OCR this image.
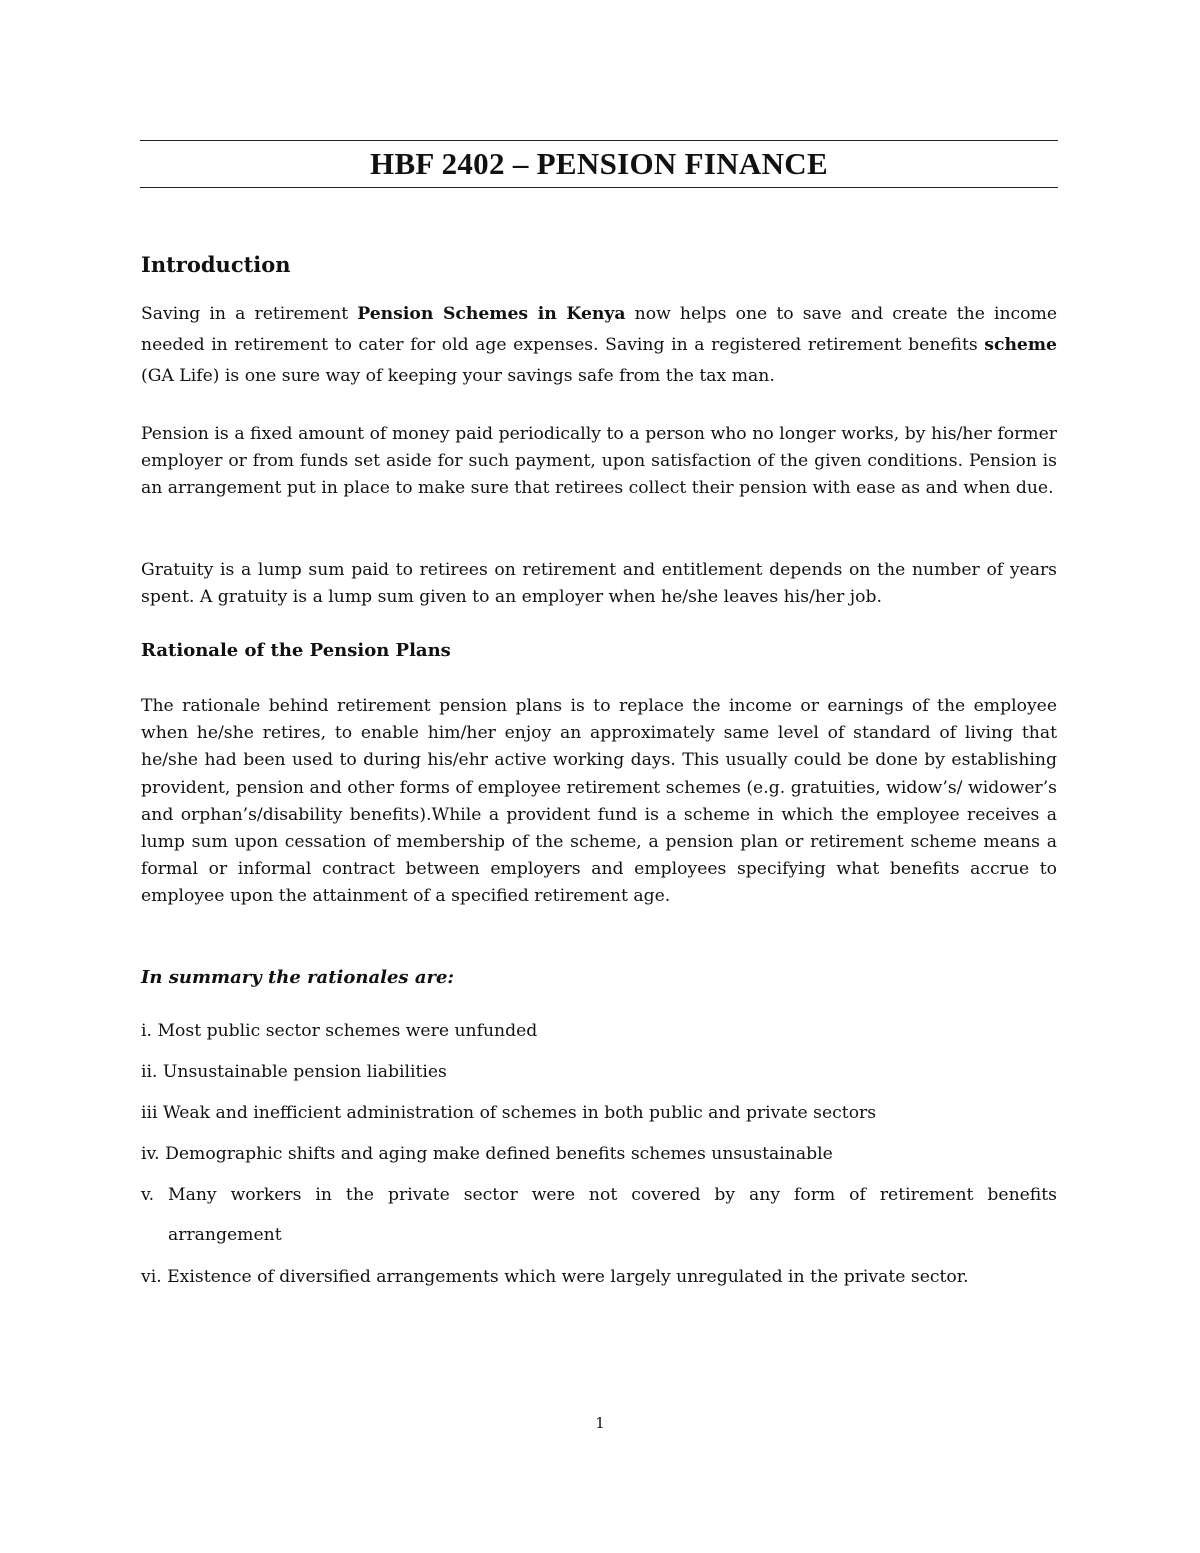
HBF 2402 – PENSION FINANCE
Introduction

Saving in a retirement Pension Schemes in Kenya now helps one to save and create the income needed in retirement to cater for old age expenses. Saving in a registered retirement benefits scheme (GA Life) is one sure way of keeping your savings safe from the tax man.

Pension is a fixed amount of money paid periodically to a person who no longer works, by his/her former employer or from funds set aside for such payment, upon satisfaction of the given conditions. Pension is an arrangement put in place to make sure that retirees collect their pension with ease as and when due.

Gratuity is a lump sum paid to retirees on retirement and entitlement depends on the number of years spent. A gratuity is a lump sum given to an employer when he/she leaves his/her job.

Rationale of the Pension Plans

The rationale behind retirement pension plans is to replace the income or earnings of the employee when he/she retires, to enable him/her enjoy an approximately same level of standard of living that he/she had been used to during his/ehr active working days. This usually could be done by establishing provident, pension and other forms of employee retirement schemes (e.g. gratuities, widow’s/ widower’s and orphan’s/disability benefits).While a provident fund is a scheme in which the employee receives a lump sum upon cessation of membership of the scheme, a pension plan or retirement scheme means a formal or informal contract between employers and employees specifying what benefits accrue to employee upon the attainment of a specified retirement age.

In summary the rationales are:
i. Most public sector schemes were unfunded
ii. Unsustainable pension liabilities
iii Weak and inefficient administration of schemes in both public and private sectors
iv. Demographic shifts and aging make defined benefits schemes unsustainable
v. Many workers in the private sector were not covered by any form of retirement benefits arrangement
vi. Existence of diversified arrangements which were largely unregulated in the private sector.
1
